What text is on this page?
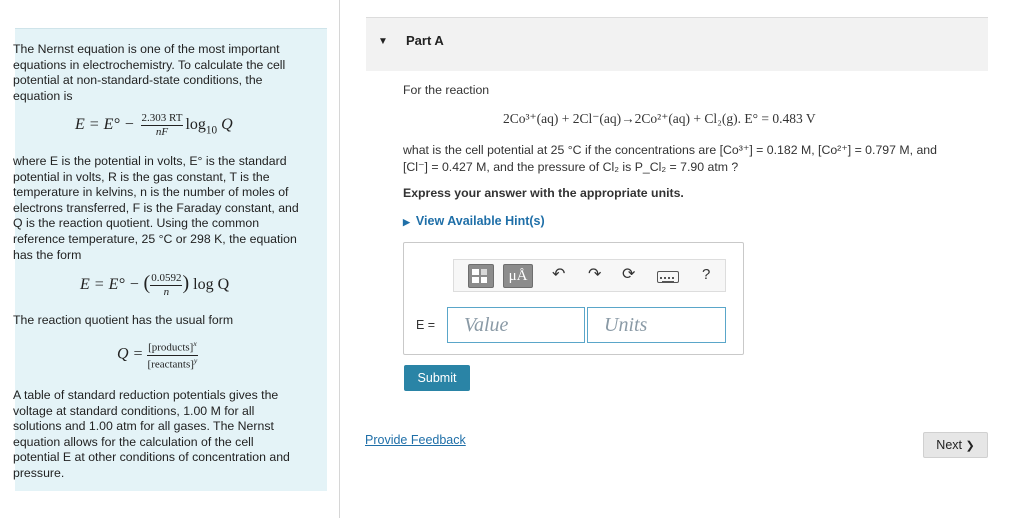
The Nernst equation is one of the most important equations in electrochemistry. To calculate the cell potential at non-standard-state conditions, the equation is
$E = E^\circ - \frac{2.303 RT}{nF} \log_{10} Q$
where E is the potential in volts, E° is the standard potential in volts, R is the gas constant, T is the temperature in kelvins, n is the number of moles of electrons transferred, F is the Faraday constant, and Q is the reaction quotient. Using the common reference temperature, 25 °C or 298 K, the equation has the form
E = E° − ( $\frac{0.0592}{n}$ ) log Q
The reaction quotient has the usual form
$Q = \frac{[products]^x}{[reactants]^y}$
A table of standard reduction potentials gives the voltage at standard conditions, 1.00 M for all solutions and 1.00 atm for all gases. The Nernst equation allows for the calculation of the cell potential E at other conditions of concentration and pressure.
▼ Part A
For the reaction
2Co³⁺(aq) + 2Cl⁻(aq)→2Co²⁺(aq) + Cl₂(g). E° = 0.483 V
what is the cell potential at 25 °C if the concentrations are [Co³⁺] = 0.182 M, [Co²⁺] = 0.797 M, and
[Cl⁻] = 0.427 M, and the pressure of Cl₂ is P_Cl₂ = 7.90 atm ?
Express your answer with the appropriate units.
▶ View Available Hint(s)
μÅ	↶ ↷ ⟳	?
E =	Value	Units
Submit
Provide Feedback	Next ❯
